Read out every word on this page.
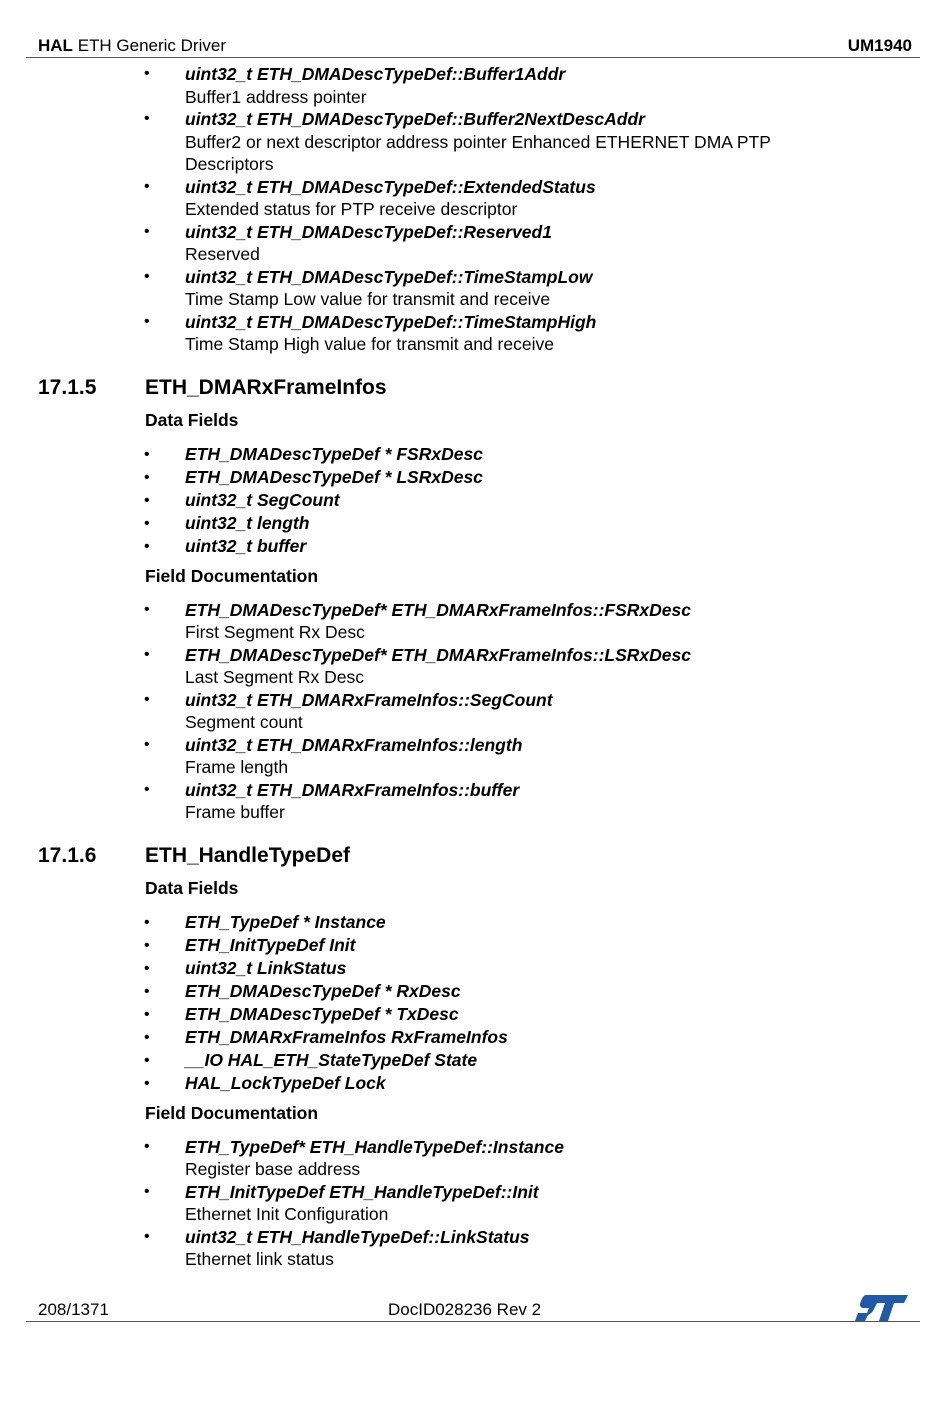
HAL ETH Generic Driver	UM1940
• uint32_t ETH_DMADescTypeDef::Buffer1Addr
Buffer1 address pointer
• uint32_t ETH_DMADescTypeDef::Buffer2NextDescAddr
Buffer2 or next descriptor address pointer Enhanced ETHERNET DMA PTP Descriptors
• uint32_t ETH_DMADescTypeDef::ExtendedStatus
Extended status for PTP receive descriptor
• uint32_t ETH_DMADescTypeDef::Reserved1
Reserved
• uint32_t ETH_DMADescTypeDef::TimeStampLow
Time Stamp Low value for transmit and receive
• uint32_t ETH_DMADescTypeDef::TimeStampHigh
Time Stamp High value for transmit and receive
17.1.5 ETH_DMARxFrameInfos
Data Fields
• ETH_DMADescTypeDef * FSRxDesc
• ETH_DMADescTypeDef * LSRxDesc
• uint32_t SegCount
• uint32_t length
• uint32_t buffer
Field Documentation
• ETH_DMADescTypeDef* ETH_DMARxFrameInfos::FSRxDesc
First Segment Rx Desc
• ETH_DMADescTypeDef* ETH_DMARxFrameInfos::LSRxDesc
Last Segment Rx Desc
• uint32_t ETH_DMARxFrameInfos::SegCount
Segment count
• uint32_t ETH_DMARxFrameInfos::length
Frame length
• uint32_t ETH_DMARxFrameInfos::buffer
Frame buffer
17.1.6 ETH_HandleTypeDef
Data Fields
• ETH_TypeDef * Instance
• ETH_InitTypeDef Init
• uint32_t LinkStatus
• ETH_DMADescTypeDef * RxDesc
• ETH_DMADescTypeDef * TxDesc
• ETH_DMARxFrameInfos RxFrameInfos
• __IO HAL_ETH_StateTypeDef State
• HAL_LockTypeDef Lock
Field Documentation
• ETH_TypeDef* ETH_HandleTypeDef::Instance
Register base address
• ETH_InitTypeDef ETH_HandleTypeDef::Init
Ethernet Init Configuration
• uint32_t ETH_HandleTypeDef::LinkStatus
Ethernet link status
208/1371	DocID028236 Rev 2
